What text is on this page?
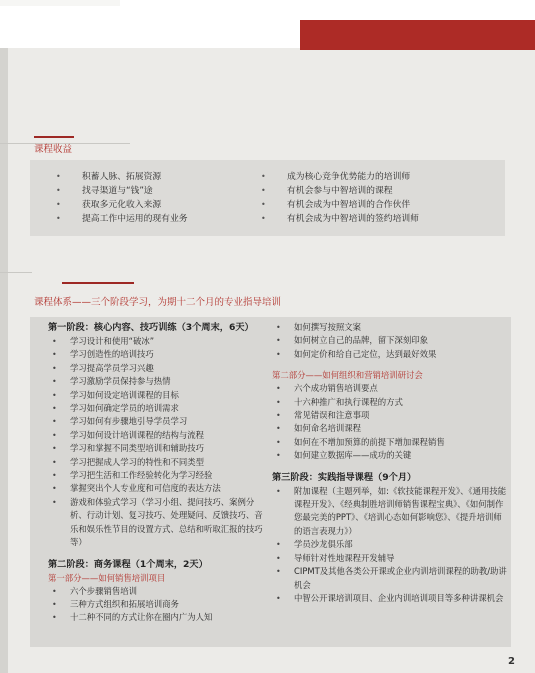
课程收益
• 积蓄人脉、拓展资源
• 找寻渠道与“钱”途
• 获取多元化收入来源
• 提高工作中运用的现有业务
• 成为核心竞争优势能力的培训师
• 有机会参与中智培训的课程
• 有机会成为中智培训的合作伙伴
• 有机会成为中智培训的签约培训师
课程体系——三个阶段学习，为期十二个月的专业指导培训
第一阶段：核心内容、技巧训练（3个周末，6天）
• 学习设计和使用“破冰”
• 学习创造性的培训技巧
• 学习提高学员学习兴趣
• 学习激励学员保持参与热情
• 学习如何设定培训课程的目标
• 学习如何确定学员的培训需求
• 学习如何有步骤地引导学员学习
• 学习如何设计培训课程的结构与流程
• 学习和掌握不同类型培训和辅助技巧
• 学习把握成人学习的特性和不同类型
• 学习把生活和工作经验转化为学习经验
• 掌握突出个人专业度和可信度的表达方法
• 游戏和体验式学习（学习小组、提问技巧、案例分析、行动计划、复习技巧、处理疑问、反馈技巧、音乐和娱乐性节目的设置方式、总结和听取汇报的技巧等）
第二阶段：商务课程（1个周末，2天）
第一部分——如何销售培训项目
• 六个步骤销售培训
• 三种方式组织和拓展培训商务
• 十二种不同的方式让你在圈内广为人知
• 如何撰写按照文案
• 如何树立自己的品牌，留下深刻印象
• 如何定价和给自己定位，达到最好效果
第二部分——如何组织和营销培训研讨会
• 六个成功销售培训要点
• 十六种推广和执行课程的方式
• 常见错误和注意事项
• 如何命名培训课程
• 如何在不增加预算的前提下增加课程销售
• 如何建立数据库——成功的关键
第三阶段：实践指导课程（9个月）
• 附加课程（主题列举，如:《软技能课程开发》、《通用技能课程开发》、《经典制胜培训师销售课程宝典》、《如何制作您最完美的PPT》、《培训心态如何影响您》、《提升培训师的语言表现力》）
• 学员沙龙俱乐部
• 导师针对性地课程开发辅导
• CIPMT及其他各类公开课或企业内训培训课程的助教/助讲机会
• 中智公开课培训项目、企业内训培训项目等多种讲课机会
2
